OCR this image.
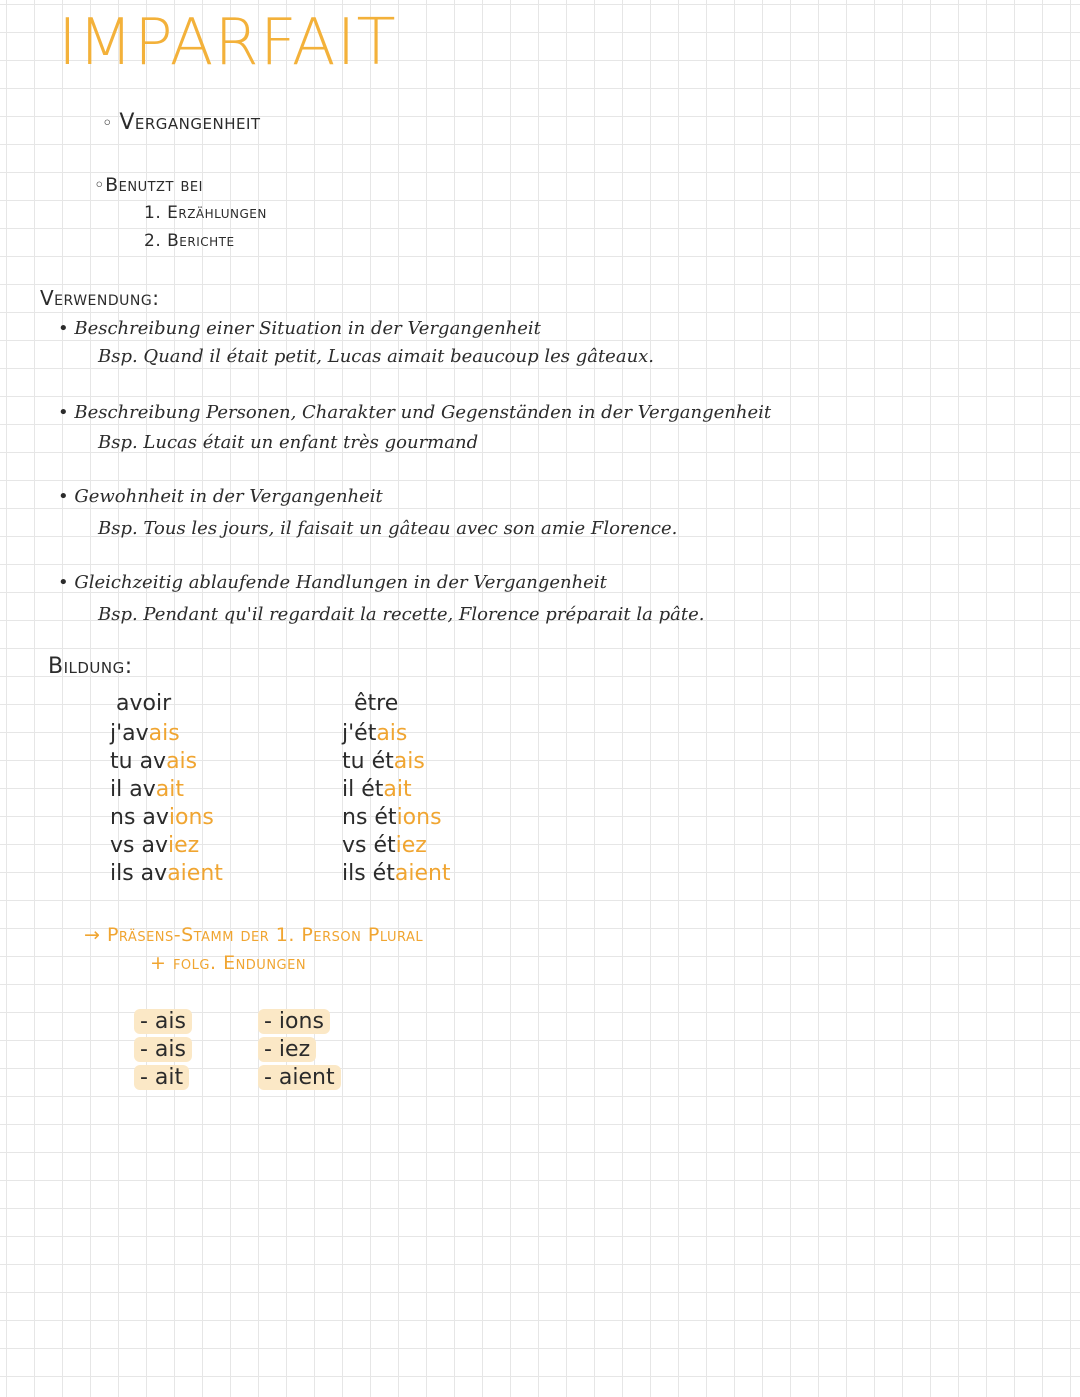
IMPARFAIT
◦ Vergangenheit
◦Benutzt bei
1. Erzählungen
2. Berichte
Verwendung:
• Beschreibung einer Situation in der Vergangenheit
Bsp. Quand il était petit, Lucas aimait beaucoup les gâteaux.
• Beschreibung Personen, Charakter und Gegenständen in der Vergangenheit
Bsp. Lucas était un enfant très gourmand
• Gewohnheit in der Vergangenheit
Bsp. Tous les jours, il faisait un gâteau avec son amie Florence.
• Gleichzeitig ablaufende Handlungen in der Vergangenheit
Bsp. Pendant qu'il regardait la recette, Florence préparait la pâte.
Bildung:
avoir
j'avais
tu avais
il avait
ns avions
vs aviez
ils avaient
être
j'étais
tu étais
il était
ns étions
vs étiez
ils étaient
→ Präsens-Stamm der 1. Person Plural
+ folg. Endungen
- ais
- ais
- ait
- ions
- iez
- aient
